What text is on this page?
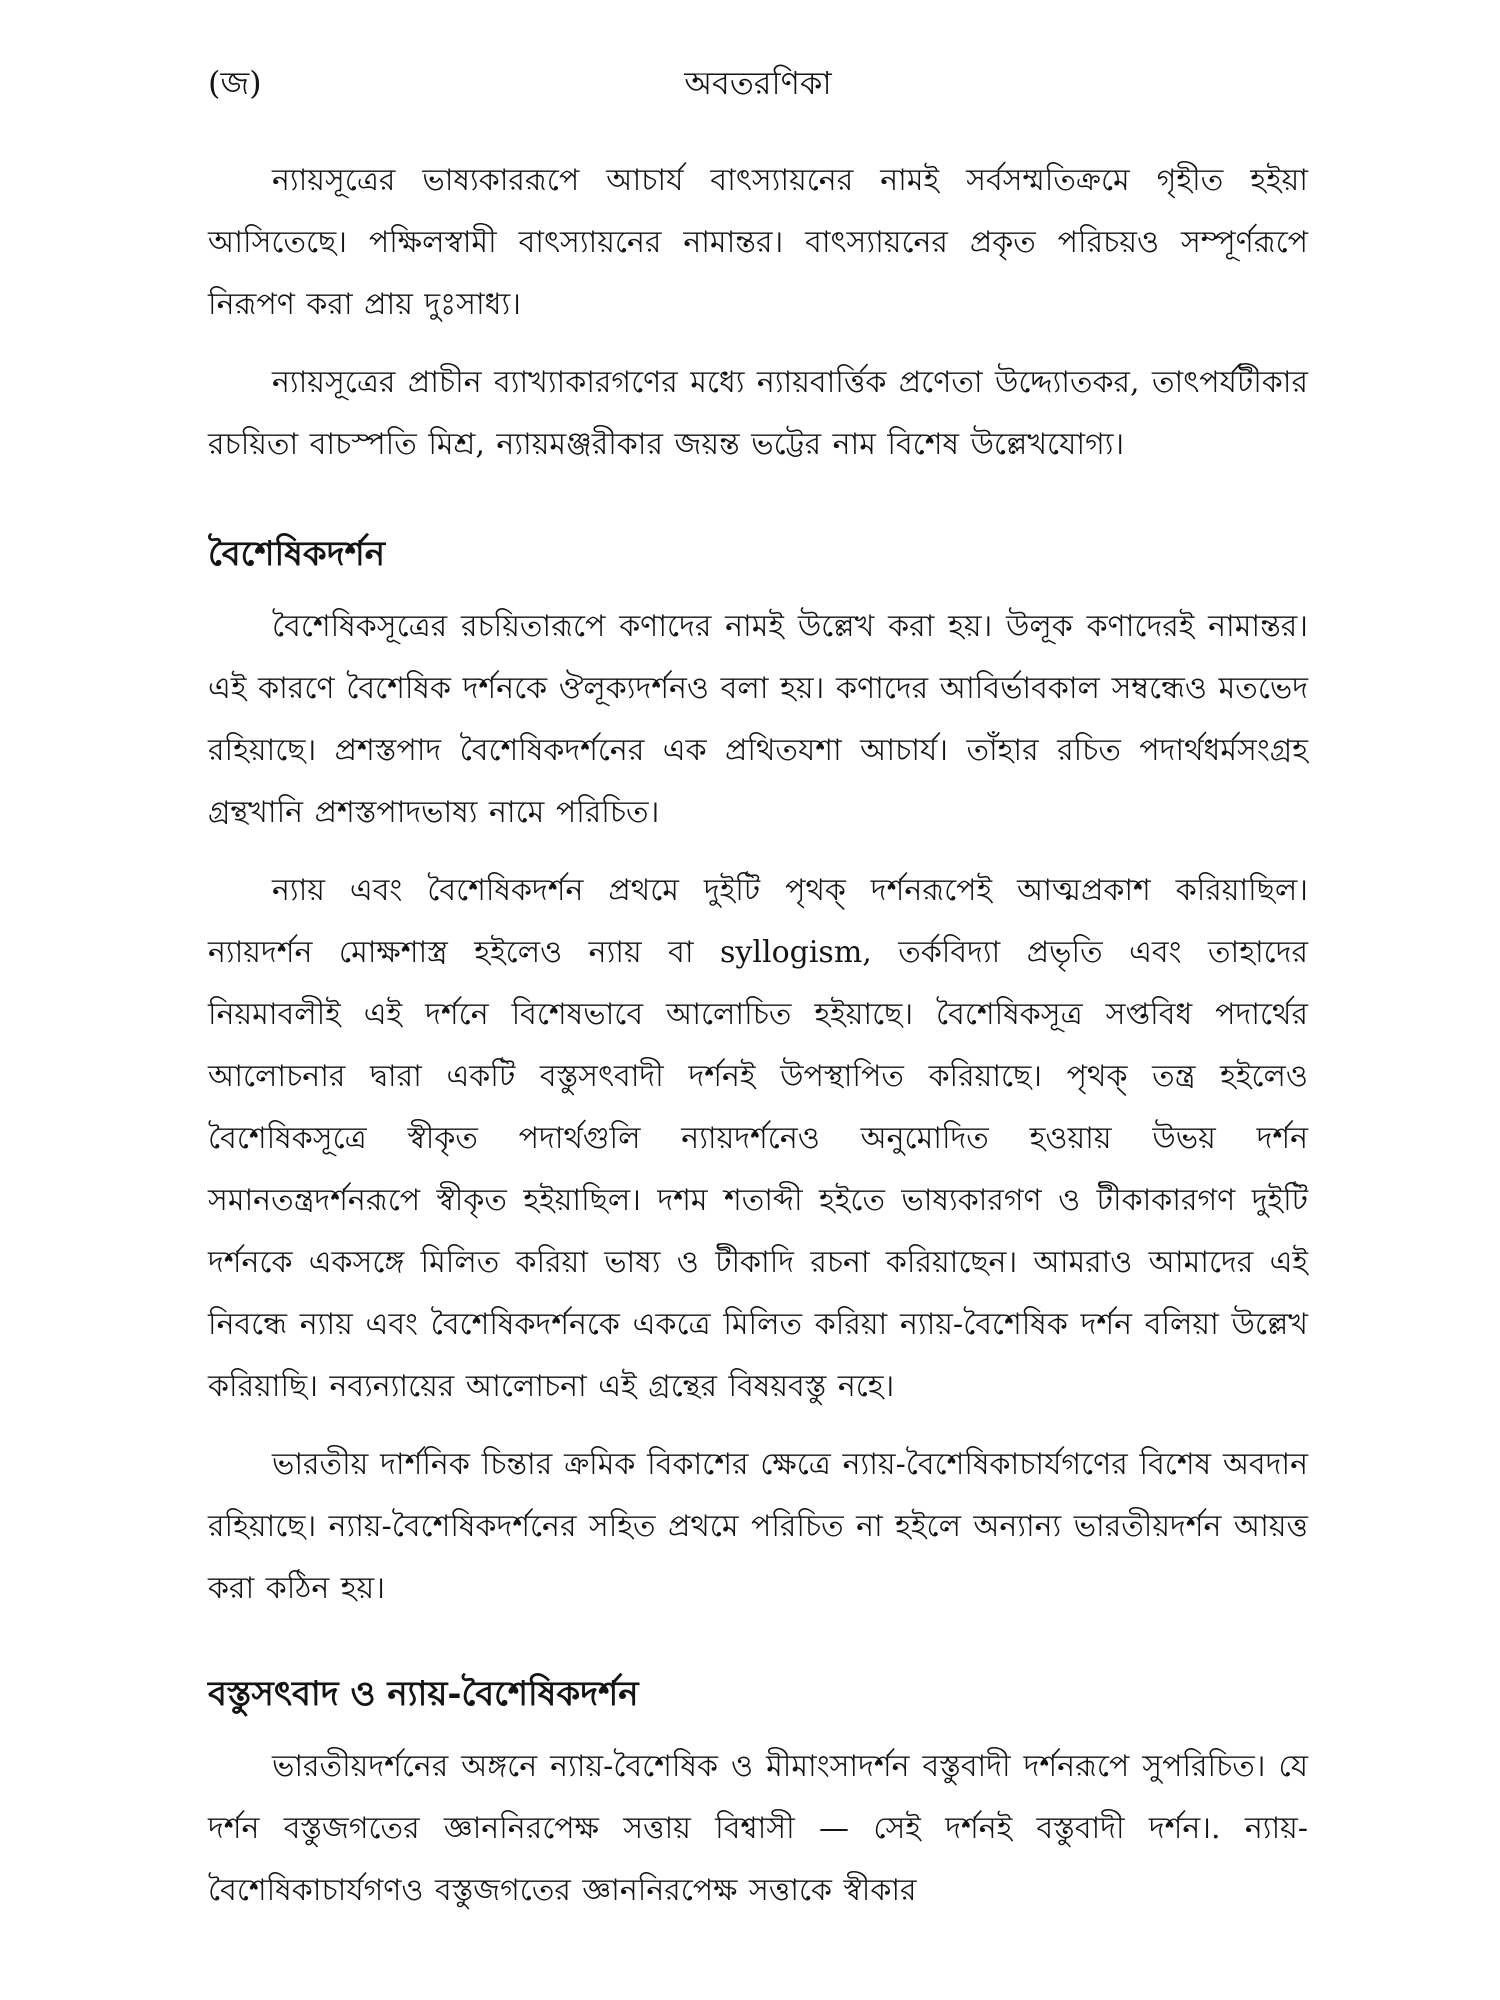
(জ)	অবতরণিকা

ন্যায়সূত্রের ভাষ্যকাররূপে আচার্য বাৎস্যায়নের নামই সর্বসম্মতিক্রমে গৃহীত হইয়া আসিতেছে। পক্ষিলস্বামী বাৎস্যায়নের নামান্তর। বাৎস্যায়নের প্রকৃত পরিচয়ও সম্পূর্ণরূপে নিরূপণ করা প্রায় দুঃসাধ্য।

ন্যায়সূত্রের প্রাচীন ব্যাখ্যাকারগণের মধ্যে ন্যায়বার্ত্তিক প্রণেতা উদ্দ্যোতকর, তাৎপর্যটীকার রচয়িতা বাচস্পতি মিশ্র, ন্যায়মঞ্জরীকার জয়ন্ত ভট্টের নাম বিশেষ উল্লেখযোগ্য।

বৈশেষিকদর্শন

বৈশেষিকসূত্রের রচয়িতারূপে কণাদের নামই উল্লেখ করা হয়। উলূক কণাদেরই নামান্তর। এই কারণে বৈশেষিক দর্শনকে ঔলূক্যদর্শনও বলা হয়। কণাদের আবির্ভাবকাল সম্বন্ধেও মতভেদ রহিয়াছে। প্রশস্তপাদ বৈশেষিকদর্শনের এক প্রথিতযশা আচার্য। তাঁহার রচিত পদার্থধর্মসংগ্রহ গ্রন্থখানি প্রশস্তপাদভাষ্য নামে পরিচিত।

ন্যায় এবং বৈশেষিকদর্শন প্রথমে দুইটি পৃথক্ দর্শনরূপেই আত্মপ্রকাশ করিয়াছিল। ন্যায়দর্শন মোক্ষশাস্ত্র হইলেও ন্যায় বা syllogism, তর্কবিদ্যা প্রভৃতি এবং তাহাদের নিয়মাবলীই এই দর্শনে বিশেষভাবে আলোচিত হইয়াছে। বৈশেষিকসূত্র সপ্তবিধ পদার্থের আলোচনার দ্বারা একটি বস্তুসৎবাদী দর্শনই উপস্থাপিত করিয়াছে। পৃথক্ তন্ত্র হইলেও বৈশেষিকসূত্রে স্বীকৃত পদার্থগুলি ন্যায়দর্শনেও অনুমোদিত হওয়ায় উভয় দর্শন সমানতন্ত্রদর্শনরূপে স্বীকৃত হইয়াছিল। দশম শতাব্দী হইতে ভাষ্যকারগণ ও টীকাকারগণ দুইটি দর্শনকে একসঙ্গে মিলিত করিয়া ভাষ্য ও টীকাদি রচনা করিয়াছেন। আমরাও আমাদের এই নিবন্ধে ন্যায় এবং বৈশেষিকদর্শনকে একত্রে মিলিত করিয়া ন্যায়-বৈশেষিক দর্শন বলিয়া উল্লেখ করিয়াছি। নব্যন্যায়ের আলোচনা এই গ্রন্থের বিষয়বস্তু নহে।

ভারতীয় দার্শনিক চিন্তার ক্রমিক বিকাশের ক্ষেত্রে ন্যায়-বৈশেষিকাচার্যগণের বিশেষ অবদান রহিয়াছে। ন্যায়-বৈশেষিকদর্শনের সহিত প্রথমে পরিচিত না হইলে অন্যান্য ভারতীয়দর্শন আয়ত্ত করা কঠিন হয়।

বস্তুসৎবাদ ও ন্যায়-বৈশেষিকদর্শন

ভারতীয়দর্শনের অঙ্গনে ন্যায়-বৈশেষিক ও মীমাংসাদর্শন বস্তুবাদী দর্শনরূপে সুপরিচিত। যে দর্শন বস্তুজগতের জ্ঞাননিরপেক্ষ সত্তায় বিশ্বাসী — সেই দর্শনই বস্তুবাদী দর্শন।. ন্যায়-বৈশেষিকাচার্যগণও বস্তুজগতের জ্ঞাননিরপেক্ষ সত্তাকে স্বীকার
